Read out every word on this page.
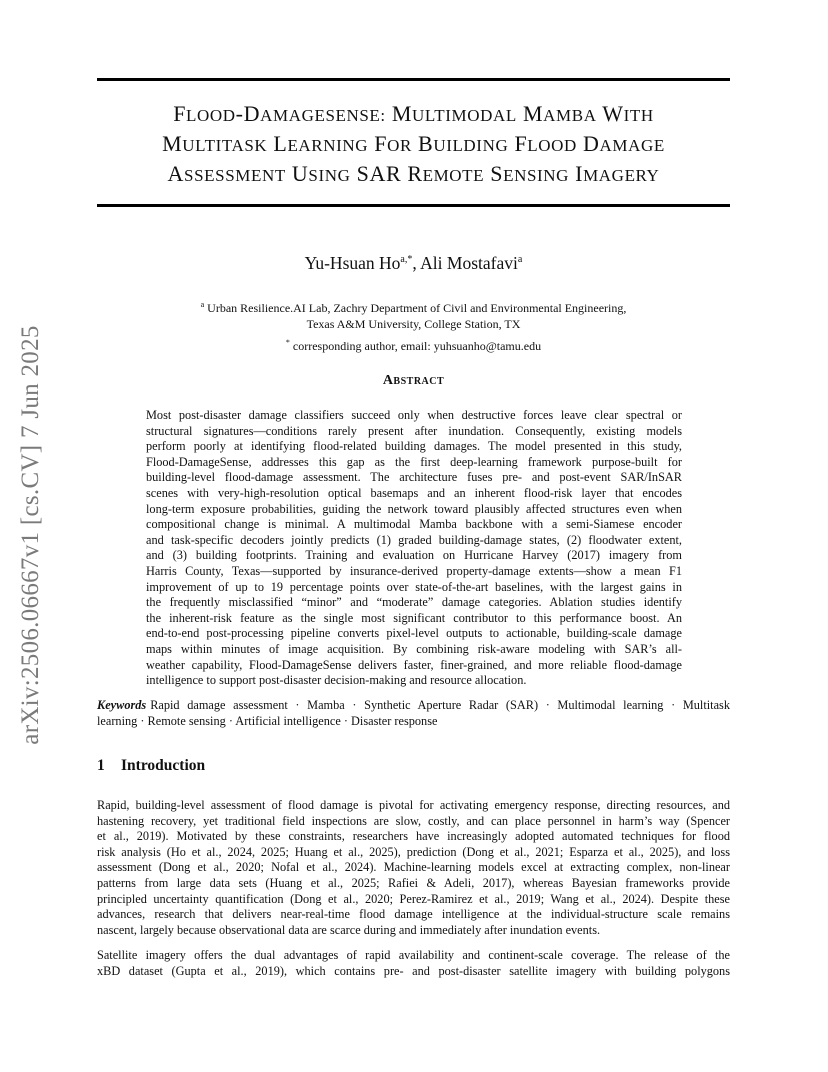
arXiv:2506.06667v1 [cs.CV] 7 Jun 2025
FLOOD-DAMAGESENSE: MULTIMODAL MAMBA WITH
MULTITASK LEARNING FOR BUILDING FLOOD DAMAGE
ASSESSMENT USING SAR REMOTE SENSING IMAGERY
Yu-Hsuan $Ho^{a,*}$, Ali Mostafavi$^a$
$^a$ Urban Resilience.AI Lab, Zachry Department of Civil and Environmental Engineering,
Texas A&M University, College Station, TX
* corresponding author, email: yuhsuanho@tamu.edu
Abstract
Most post-disaster damage classifiers succeed only when destructive forces leave clear spectral or
structural signatures—conditions rarely present after inundation. Consequently, existing models
perform poorly at identifying flood-related building damages. The model presented in this study,
Flood-DamageSense, addresses this gap as the first deep-learning framework purpose-built for
building-level flood-damage assessment. The architecture fuses pre- and post-event SAR/InSAR
scenes with very-high-resolution optical basemaps and an inherent flood-risk layer that encodes
long-term exposure probabilities, guiding the network toward plausibly affected structures even when
compositional change is minimal. A multimodal Mamba backbone with a semi-Siamese encoder
and task-specific decoders jointly predicts (1) graded building-damage states, (2) floodwater extent,
and (3) building footprints. Training and evaluation on Hurricane Harvey (2017) imagery from
Harris County, Texas—supported by insurance-derived property-damage extents—show a mean F1
improvement of up to 19 percentage points over state-of-the-art baselines, with the largest gains in
the frequently misclassified “minor” and “moderate” damage categories. Ablation studies identify
the inherent-risk feature as the single most significant contributor to this performance boost. An
end-to-end post-processing pipeline converts pixel-level outputs to actionable, building-scale damage
maps within minutes of image acquisition. By combining risk-aware modeling with SAR’s all-
weather capability, Flood-DamageSense delivers faster, finer-grained, and more reliable flood-damage
intelligence to support post-disaster decision-making and resource allocation.
Keywords Rapid damage assessment · Mamba · Synthetic Aperture Radar (SAR) · Multimodal learning · Multitask
learning · Remote sensing · Artificial intelligence · Disaster response
1 Introduction
Rapid, building-level assessment of flood damage is pivotal for activating emergency response, directing resources, and
hastening recovery, yet traditional field inspections are slow, costly, and can place personnel in harm’s way (Spencer
et al., 2019). Motivated by these constraints, researchers have increasingly adopted automated techniques for flood
risk analysis (Ho et al., 2024, 2025; Huang et al., 2025), prediction (Dong et al., 2021; Esparza et al., 2025), and loss
assessment (Dong et al., 2020; Nofal et al., 2024). Machine-learning models excel at extracting complex, non-linear
patterns from large data sets (Huang et al., 2025; Rafiei & Adeli, 2017), whereas Bayesian frameworks provide
principled uncertainty quantification (Dong et al., 2020; Perez-Ramirez et al., 2019; Wang et al., 2024). Despite these
advances, research that delivers near-real-time flood damage intelligence at the individual-structure scale remains
nascent, largely because observational data are scarce during and immediately after inundation events.
Satellite imagery offers the dual advantages of rapid availability and continent-scale coverage. The release of the
xBD dataset (Gupta et al., 2019), which contains pre- and post-disaster satellite imagery with building polygons
